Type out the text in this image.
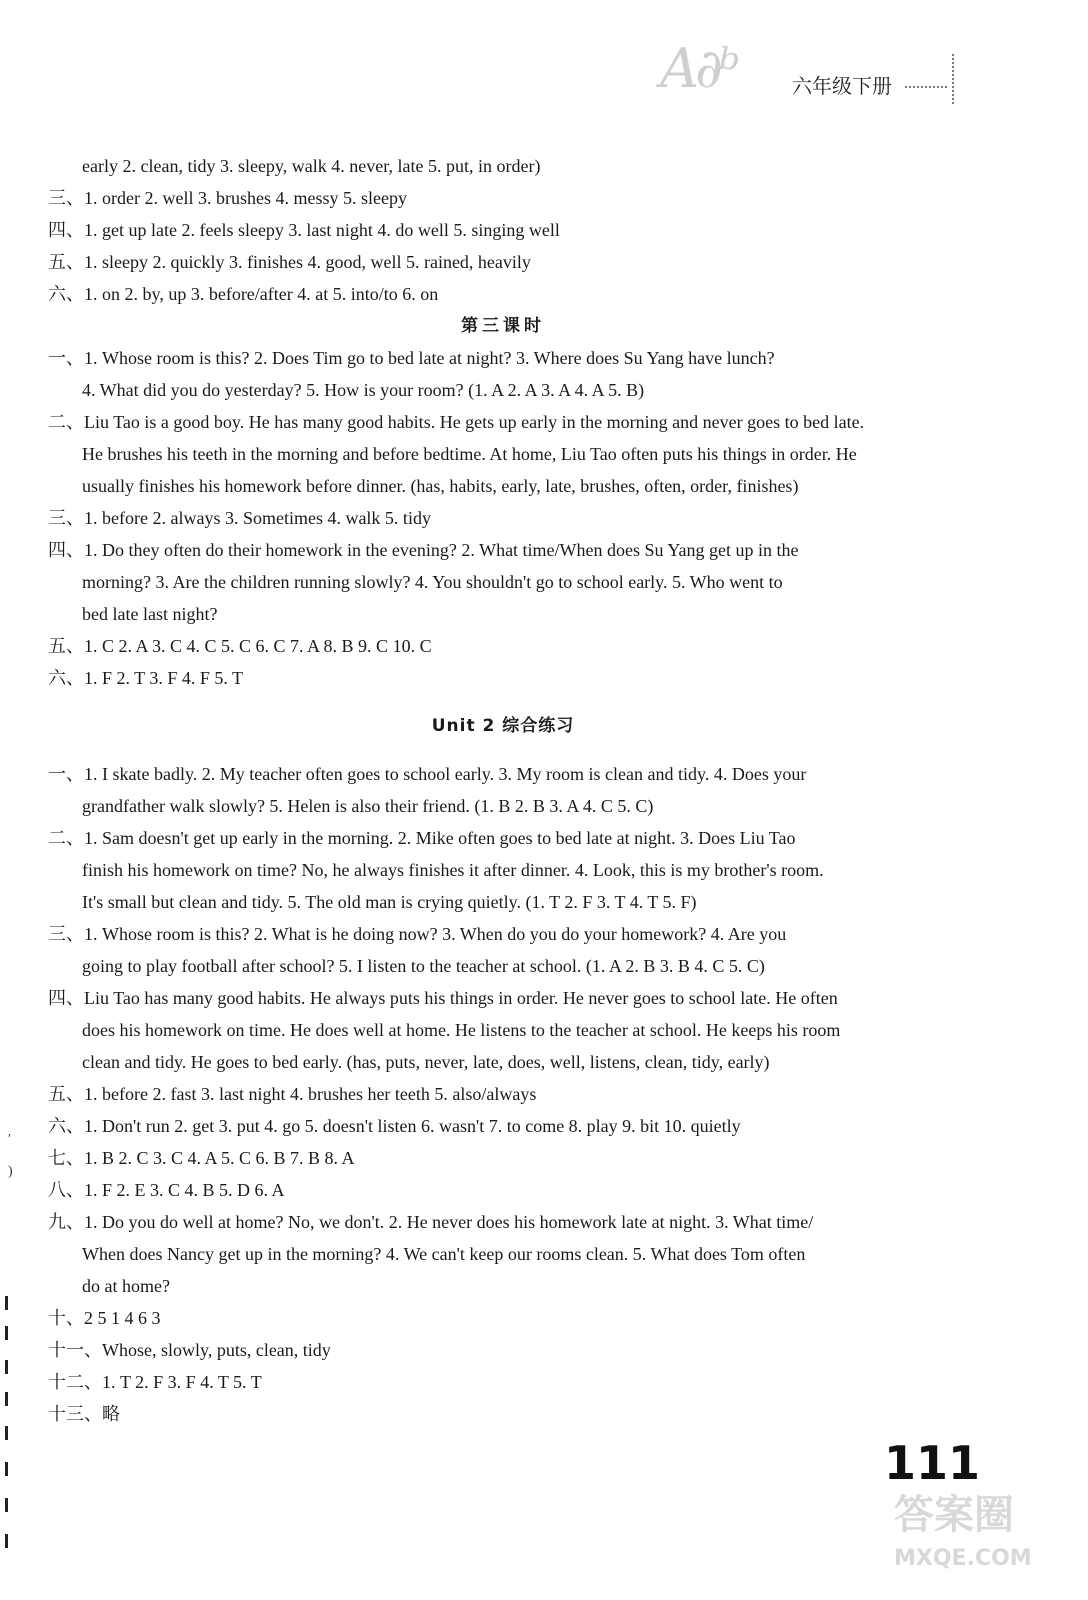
A∂ᵇ	六年级下册
early 2. clean, tidy 3. sleepy, walk 4. never, late 5. put, in order)
三、1. order 2. well 3. brushes 4. messy 5. sleepy
四、1. get up late 2. feels sleepy 3. last night 4. do well 5. singing well
五、1. sleepy 2. quickly 3. finishes 4. good, well 5. rained, heavily
六、1. on 2. by, up 3. before/after 4. at 5. into/to 6. on
第三课时
一、1. Whose room is this? 2. Does Tim go to bed late at night? 3. Where does Su Yang have lunch?
4. What did you do yesterday? 5. How is your room? (1. A 2. A 3. A 4. A 5. B)
二、Liu Tao is a good boy. He has many good habits. He gets up early in the morning and never goes to bed late.
He brushes his teeth in the morning and before bedtime. At home, Liu Tao often puts his things in order. He
usually finishes his homework before dinner. (has, habits, early, late, brushes, often, order, finishes)
三、1. before 2. always 3. Sometimes 4. walk 5. tidy
四、1. Do they often do their homework in the evening? 2. What time/When does Su Yang get up in the
morning? 3. Are the children running slowly? 4. You shouldn't go to school early. 5. Who went to
bed late last night?
五、1. C 2. A 3. C 4. C 5. C 6. C 7. A 8. B 9. C 10. C
六、1. F 2. T 3. F 4. F 5. T
Unit 2 综合练习
一、1. I skate badly. 2. My teacher often goes to school early. 3. My room is clean and tidy. 4. Does your
grandfather walk slowly? 5. Helen is also their friend. (1. B 2. B 3. A 4. C 5. C)
二、1. Sam doesn't get up early in the morning. 2. Mike often goes to bed late at night. 3. Does Liu Tao
finish his homework on time? No, he always finishes it after dinner. 4. Look, this is my brother's room.
It's small but clean and tidy. 5. The old man is crying quietly. (1. T 2. F 3. T 4. T 5. F)
三、1. Whose room is this? 2. What is he doing now? 3. When do you do your homework? 4. Are you
going to play football after school? 5. I listen to the teacher at school. (1. A 2. B 3. B 4. C 5. C)
四、Liu Tao has many good habits. He always puts his things in order. He never goes to school late. He often
does his homework on time. He does well at home. He listens to the teacher at school. He keeps his room
clean and tidy. He goes to bed early. (has, puts, never, late, does, well, listens, clean, tidy, early)
五、1. before 2. fast 3. last night 4. brushes her teeth 5. also/always
六、1. Don't run 2. get 3. put 4. go 5. doesn't listen 6. wasn't 7. to come 8. play 9. bit 10. quietly
七、1. B 2. C 3. C 4. A 5. C 6. B 7. B 8. A
八、1. F 2. E 3. C 4. B 5. D 6. A
九、1. Do you do well at home? No, we don't. 2. He never does his homework late at night. 3. What time/
When does Nancy get up in the morning? 4. We can't keep our rooms clean. 5. What does Tom often
do at home?
十、2 5 1 4 6 3
十一、Whose, slowly, puts, clean, tidy
十二、1. T 2. F 3. F 4. T 5. T
十三、略
111
答案圈
MXQE.COM
′
)
